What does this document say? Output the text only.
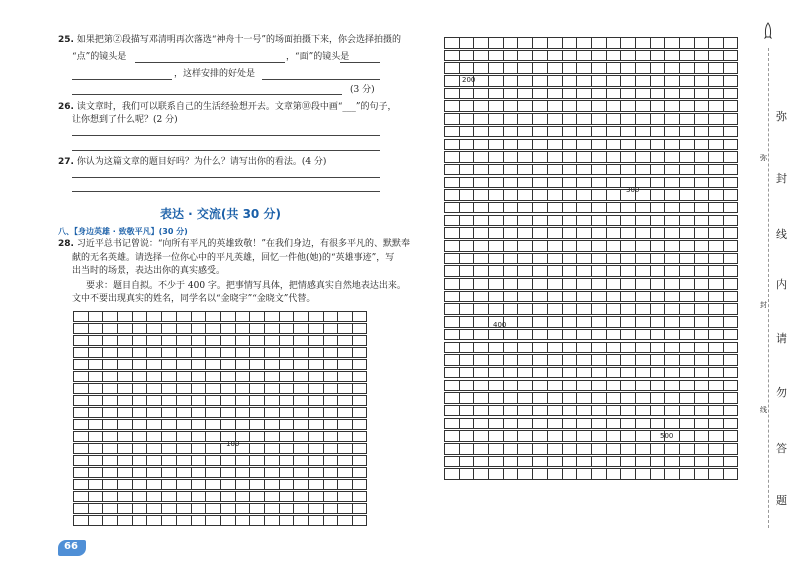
25. 如果把第②段描写邓清明再次落选“神舟十一号”的场面拍摄下来，你会选择拍摄的
“点”的镜头是	，“面”的镜头是
，这样安排的好处是
(3 分)
26. 读文章时，我们可以联系自己的生活经验想开去。文章第⑩段中画“___”的句子，
让你想到了什么呢？(2 分)
27. 你认为这篇文章的题目好吗？为什么？请写出你的看法。(4 分)
表达 · 交流(共 30 分)
八、【身边英雄 · 致敬平凡】(30 分)
28. 习近平总书记曾说：“向所有平凡的英雄致敬！”在我们身边，有很多平凡的、默默奉
献的无名英雄。请选择一位你心中的平凡英雄，回忆一件他(她)的“英雄事迹”，写
出当时的场景，表达出你的真实感受。
要求：题目自拟。不少于 400 字。把事情写具体，把情感真实自然地表达出来。
文中不要出现真实的姓名，同学名以“金晓宇”“金晓文”代替。
100
66
200
300
400
500
弥
封
线
内
请
勿
答
题
弥
封
线
